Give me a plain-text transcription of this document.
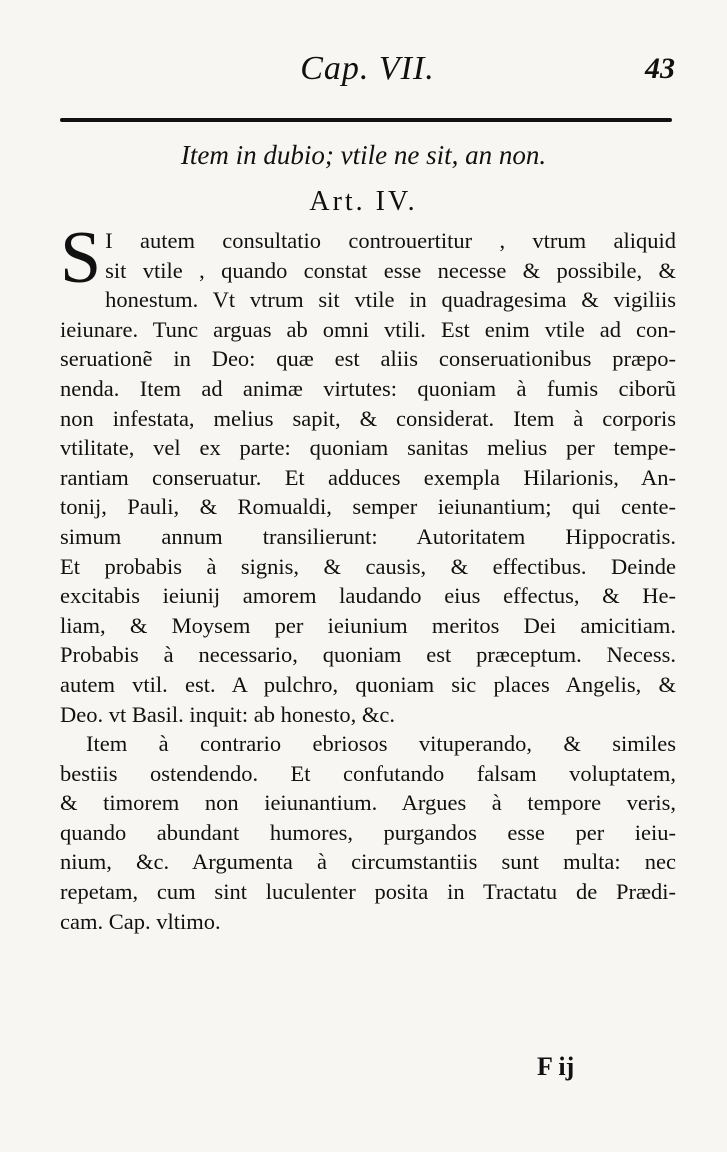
Cap. VII.	43
Item in dubio; vtile ne sit, an non.
Art. IV.
S I autem consultatio controuertitur , vtrum aliquid
sit vtile , quando constat esse necesse & possibile, &
honestum. Vt vtrum sit vtile in quadragesima & vigiliis
ieiunare. Tunc arguas ab omni vtili. Est enim vtile ad con-
seruationẽ in Deo: quæ est aliis conseruationibus præpo-
nenda. Item ad animæ virtutes: quoniam à fumis ciborũ
non infestata, melius sapit, & considerat. Item à corporis
vtilitate, vel ex parte: quoniam sanitas melius per tempe-
rantiam conseruatur. Et adduces exempla Hilarionis, An-
tonij, Pauli, & Romualdi, semper ieiunantium; qui cente-
simum annum transilierunt: Autoritatem Hippocratis.
Et probabis à signis, & causis, & effectibus. Deinde
excitabis ieiunij amorem laudando eius effectus, & He-
liam, & Moysem per ieiunium meritos Dei amicitiam.
Probabis à necessario, quoniam est præceptum. Necess.
autem vtil. est. A pulchro, quoniam sic places Angelis, &
Deo. vt Basil. inquit: ab honesto, &c.
Item à contrario ebriosos vituperando, & similes
bestiis ostendendo. Et confutando falsam voluptatem,
& timorem non ieiunantium. Argues à tempore veris,
quando abundant humores, purgandos esse per ieiu-
nium, &c. Argumenta à circumstantiis sunt multa: nec
repetam, cum sint luculenter posita in Tractatu de Prædi-
cam. Cap. vltimo.
F ij
